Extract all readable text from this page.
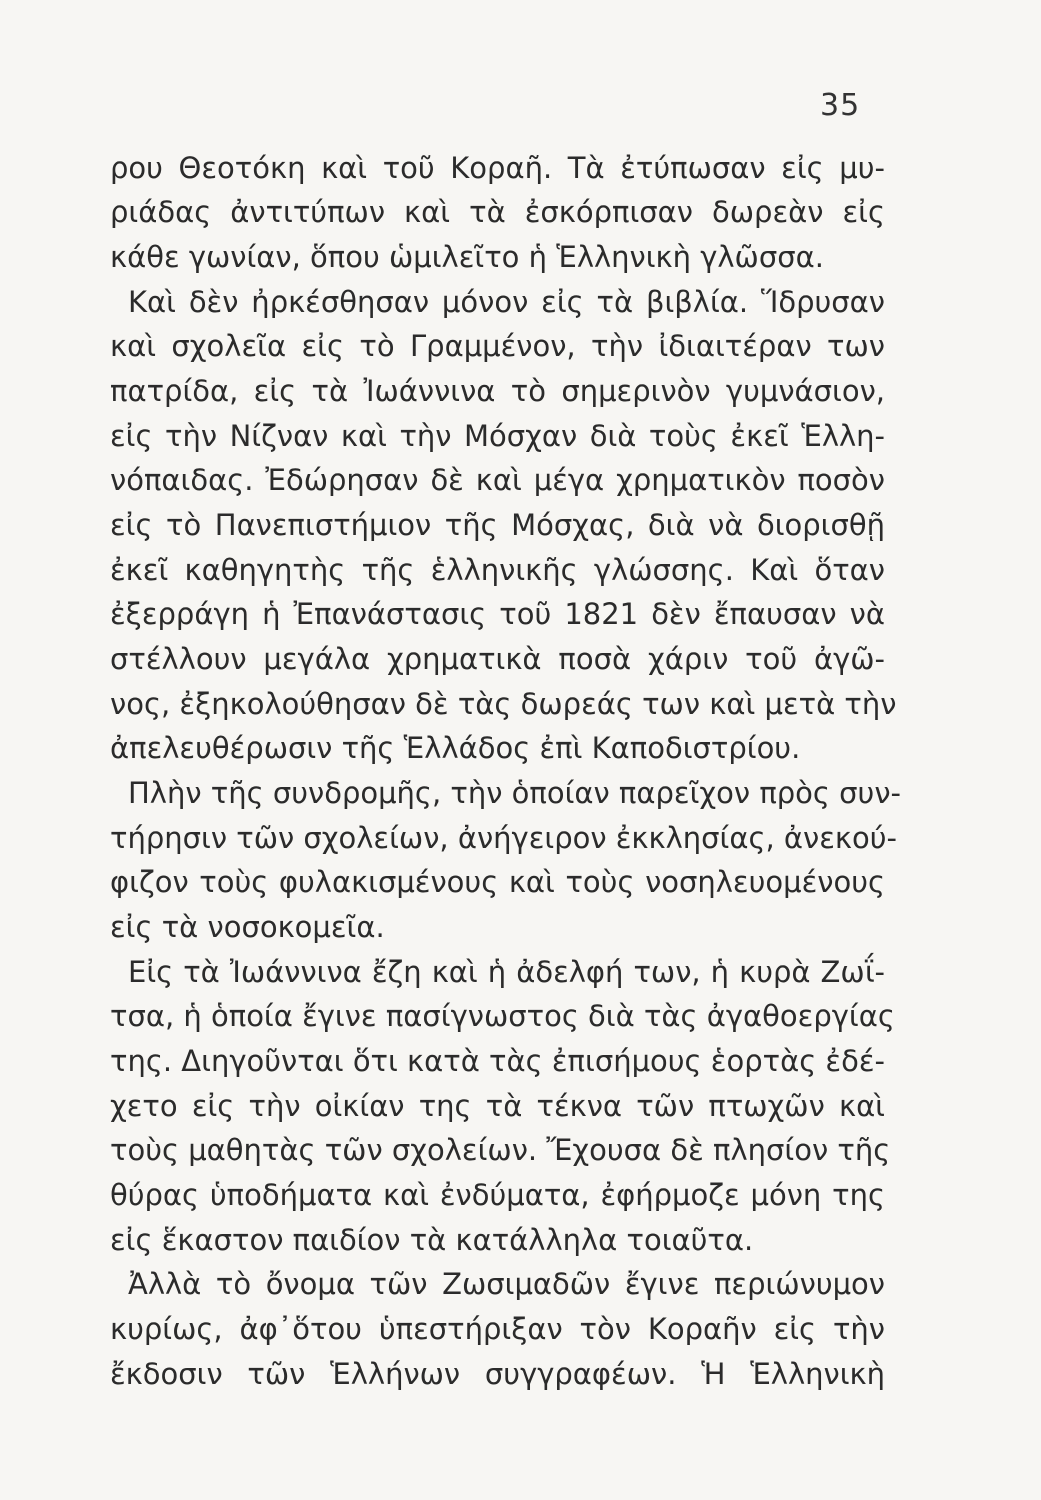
35
ρου Θεοτόκη καὶ τοῦ Κοραῆ. Τὰ ἐτύπωσαν εἰς μυ-
ριάδας ἀντιτύπων καὶ τὰ ἐσκόρπισαν δωρεὰν εἰς
κάθε γωνίαν, ὅπου ὡμιλεῖτο ἡ Ἑλληνικὴ γλῶσσα.
Καὶ δὲν ἠρκέσθησαν μόνον εἰς τὰ βιβλία. Ἵδρυσαν
καὶ σχολεῖα εἰς τὸ Γραμμένον, τὴν ἰδιαιτέραν των
πατρίδα, εἰς τὰ Ἰωάννινα τὸ σημερινὸν γυμνάσιον,
εἰς τὴν Νίζναν καὶ τὴν Μόσχαν διὰ τοὺς ἐκεῖ Ἑλλη-
νόπαιδας. Ἐδώρησαν δὲ καὶ μέγα χρηματικὸν ποσὸν
εἰς τὸ Πανεπιστήμιον τῆς Μόσχας, διὰ νὰ διορισθῇ
ἐκεῖ καθηγητὴς τῆς ἑλληνικῆς γλώσσης. Καὶ ὅταν
ἐξερράγη ἡ Ἐπανάστασις τοῦ 1821 δὲν ἔπαυσαν νὰ
στέλλουν μεγάλα χρηματικὰ ποσὰ χάριν τοῦ ἀγῶ-
νος, ἐξηκολούθησαν δὲ τὰς δωρεάς των καὶ μετὰ τὴν
ἀπελευθέρωσιν τῆς Ἑλλάδος ἐπὶ Καποδιστρίου.
Πλὴν τῆς συνδρομῆς, τὴν ὁποίαν παρεῖχον πρὸς συν-
τήρησιν τῶν σχολείων, ἀνήγειρον ἐκκλησίας, ἀνεκού-
φιζον τοὺς φυλακισμένους καὶ τοὺς νοσηλευομένους
εἰς τὰ νοσοκομεῖα.
Εἰς τὰ Ἰωάννινα ἔζη καὶ ἡ ἀδελφή των, ἡ κυρὰ Ζωΐ-
τσα, ἡ ὁποία ἔγινε πασίγνωστος διὰ τὰς ἀγαθοεργίας
της. Διηγοῦνται ὅτι κατὰ τὰς ἐπισήμους ἑορτὰς ἐδέ-
χετο εἰς τὴν οἰκίαν της τὰ τέκνα τῶν πτωχῶν καὶ
τοὺς μαθητὰς τῶν σχολείων. Ἔχουσα δὲ πλησίον τῆς
θύρας ὑποδήματα καὶ ἐνδύματα, ἐφήρμοζε μόνη της
εἰς ἕκαστον παιδίον τὰ κατάλληλα τοιαῦτα.
Ἀλλὰ τὸ ὄνομα τῶν Ζωσιμαδῶν ἔγινε περιώνυμον
κυρίως, ἀφ᾽ὅτου ὑπεστήριξαν τὸν Κοραῆν εἰς τὴν
ἔκδοσιν τῶν Ἑλλήνων συγγραφέων. Ἡ Ἑλληνικὴ
